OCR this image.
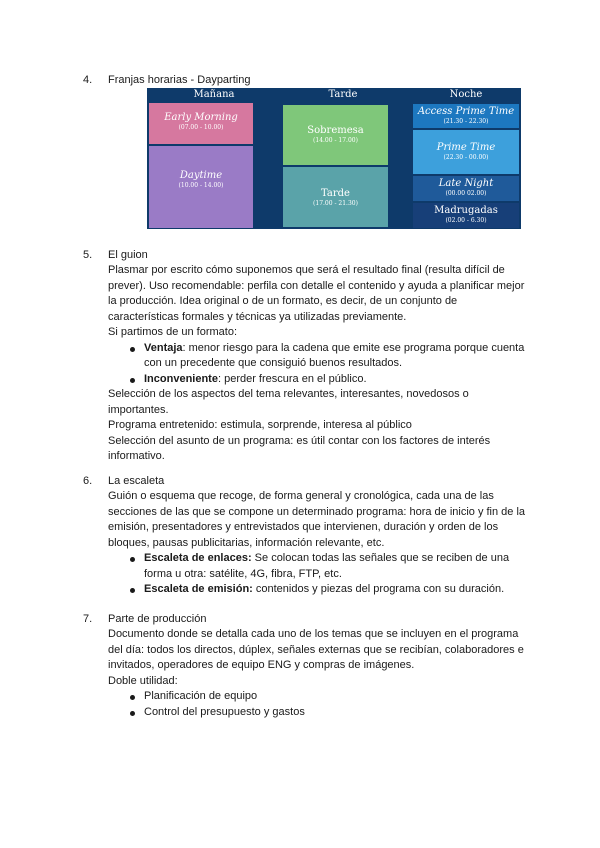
4. Franjas horarias - Dayparting
Mañana	Tarde	Noche
Early Morning
(07.00 - 10.00)
Daytime
(10.00 - 14.00)
Sobremesa
(14.00 - 17.00)
Tarde
(17.00 - 21.30)
Access Prime Time
(21.30 - 22.30)
Prime Time
(22.30 - 00.00)
Late Night
(00.00 02.00)
Madrugadas
(02.00 - 6.30)
5. El guion

Plasmar por escrito cómo suponemos que será el resultado final (resulta difícil de prever). Uso recomendable: perfila con detalle el contenido y ayuda a planificar mejor la producción. Idea original o de un formato, es decir, de un conjunto de características formales y técnicas ya utilizadas previamente.

Si partimos de un formato:

Ventaja: menor riesgo para la cadena que emite ese programa porque cuenta con un precedente que consiguió buenos resultados.
Inconveniente: perder frescura en el público.

Selección de los aspectos del tema relevantes, interesantes, novedosos o importantes.

Programa entretenido: estimula, sorprende, interesa al público

Selección del asunto de un programa: es útil contar con los factores de interés informativo.

6. La escaleta

Guión o esquema que recoge, de forma general y cronológica, cada una de las secciones de las que se compone un determinado programa: hora de inicio y fin de la emisión, presentadores y entrevistados que intervienen, duración y orden de los bloques, pausas publicitarias, información relevante, etc.

Escaleta de enlaces: Se colocan todas las señales que se reciben de una forma u otra: satélite, 4G, fibra, FTP, etc.
Escaleta de emisión: contenidos y piezas del programa con su duración.
7. Parte de producción

Documento donde se detalla cada uno de los temas que se incluyen en el programa del día: todos los directos, dúplex, señales externas que se recibían, colaboradores e invitados, operadores de equipo ENG y compras de imágenes.

Doble utilidad:

Planificación de equipo
Control del presupuesto y gastos
